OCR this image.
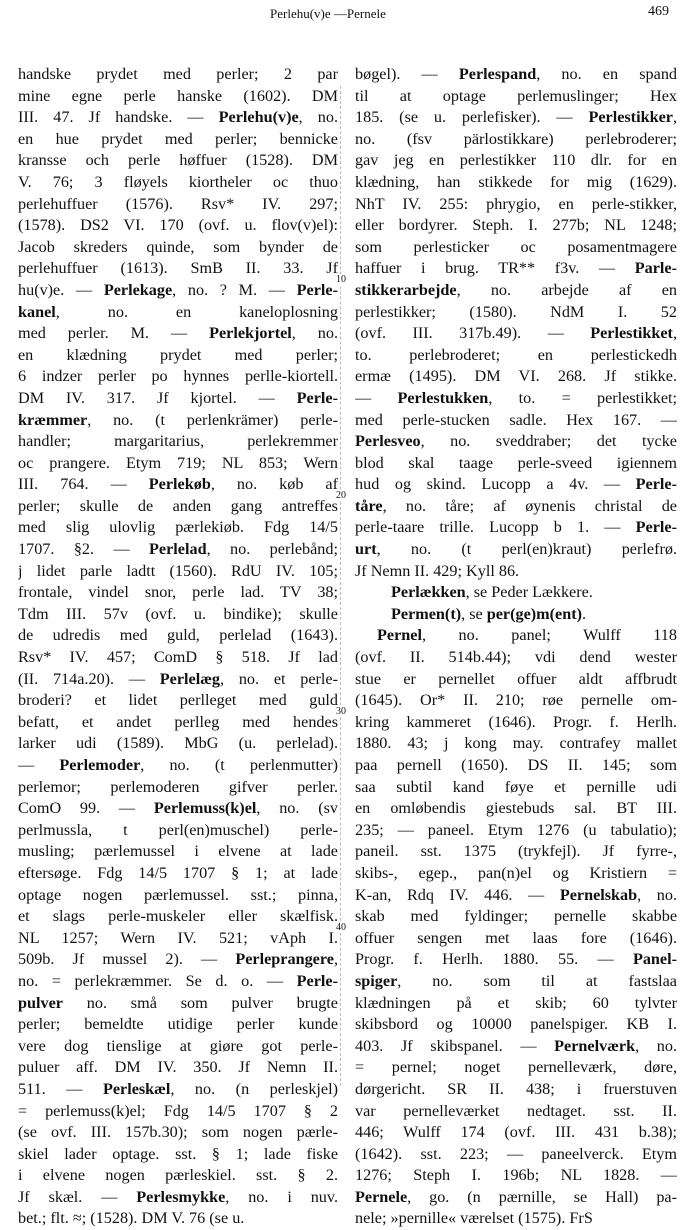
Perlehu(v)e —Pernele	469
10
20
30
40
handske prydet med perler; 2 par
mine egne perle hanske (1602). DM
III. 47. Jf handske. — Perlehu(v)e, no.
en hue prydet med perler; bennicke
kransse och perle høffuer (1528). DM
V. 76; 3 fløyels kiortheler oc thuo
perlehuffuer (1576). Rsv* IV. 297;
(1578). DS2 VI. 170 (ovf. u. flov(v)el):
Jacob skreders quinde, som bynder de
perlehuffuer (1613). SmB II. 33. Jf
hu(v)e. — Perlekage, no. ? M. — Perle-
kanel, no. en kaneloplosning
med perler. M. — Perlekjortel, no.
en klædning prydet med perler;
6 indzer perler po hynnes perlle-kiortell.
DM IV. 317. Jf kjortel. — Perle-
kræmmer, no. (t perlenkrämer) perle-
handler; margaritarius, perlekremmer
oc prangere. Etym 719; NL 853; Wern
III. 764. — Perlekøb, no. køb af
perler; skulle de anden gang antreffes
med slig ulovlig pærlekiøb. Fdg 14/5
1707. §2. — Perlelad, no. perlebånd;
j lidet parle ladtt (1560). RdU IV. 105;
frontale, vindel snor, perle lad. TV 38;
Tdm III. 57v (ovf. u. bindike); skulle
de udredis med guld, perlelad (1643).
Rsv* IV. 457; ComD § 518. Jf lad
(II. 714a.20). — Perlelæg, no. et perle-
broderi? et lidet perlleget med guld
befatt, et andet perlleg med hendes
larker udi (1589). MbG (u. perlelad).
— Perlemoder, no. (t perlenmutter)
perlemor; perlemoderen gifver perler.
ComO 99. — Perlemuss(k)el, no. (sv
perlmussla, t perl(en)muschel) perle-
musling; pærlemussel i elvene at lade
eftersøge. Fdg 14/5 1707 § 1; at lade
optage nogen pærlemussel. sst.; pinna,
et slags perle-muskeler eller skælfisk.
NL 1257; Wern IV. 521; vAph I.
509b. Jf mussel 2). — Perleprangere,
no. = perlekræmmer. Se d. o. — Perle-
pulver no. små som pulver brugte
perler; bemeldte utidige perler kunde
vere dog tienslige at giøre got perle-
puluer aff. DM IV. 350. Jf Nemn II.
511. — Perleskæl, no. (n perleskjel)
= perlemuss(k)el; Fdg 14/5 1707 § 2
(se ovf. III. 157b.30); som nogen pærle-
skiel lader optage. sst. § 1; lade fiske
i elvene nogen pærleskiel. sst. § 2.
Jf skæl. — Perlesmykke, no. i nuv.
bet.; flt. ≈; (1528). DM V. 76 (se u.
bøgel). — Perlespand, no. en spand
til at optage perlemuslinger; Hex
185. (se u. perlefisker). — Perlestikker,
no. (fsv pärlostikkare) perlebroderer;
gav jeg en perlestikker 110 dlr. for en
klædning, han stikkede for mig (1629).
NhT IV. 255: phrygio, en perle-stikker,
eller bordyrer. Steph. I. 277b; NL 1248;
som perlesticker oc posamentmagere
haffuer i brug. TR** f3v. — Parle-
stikkerarbejde, no. arbejde af en
perlestikker; (1580). NdM I. 52
(ovf. III. 317b.49). — Perlestikket,
to. perlebroderet; en perlestickedh
ermæ (1495). DM VI. 268. Jf stikke.
— Perlestukken, to. = perlestikket;
med perle-stucken sadle. Hex 167. —
Perlesveo, no. sveddraber; det tycke
blod skal taage perle-sveed igiennem
hud og skind. Lucopp a 4v. — Perle-
tåre, no. tåre; af øynenis christal de
perle-taare trille. Lucopp b 1. — Perle-
urt, no. (t perl(en)kraut) perlefrø.
Jf Nemn II. 429; Kyll 86.
Perlækken, se Peder Lækkere.
Permen(t), se per(ge)m(ent).
Pernel, no. panel; Wulff 118
(ovf. II. 514b.44); vdi dend wester
stue er pernellet offuer aldt affbrudt
(1645). Or* II. 210; røe pernelle om-
kring kammeret (1646). Progr. f. Herlh.
1880. 43; j kong may. contrafey mallet
paa pernell (1650). DS II. 145; som
saa subtil kand føye et pernille udi
en omløbendis giestebuds sal. BT III.
235; — paneel. Etym 1276 (u tabulatio);
paneil. sst. 1375 (trykfejl). Jf fyrre-,
skibs-, egep., pan(n)el og Kristiern =
K-an, Rdq IV. 446. — Pernelskab, no.
skab med fyldinger; pernelle skabbe
offuer sengen met laas fore (1646).
Progr. f. Herlh. 1880. 55. — Panel-
spiger, no. som til at fastslaa
klædningen på et skib; 60 tylvter
skibsbord og 10000 panelspiger. KB I.
403. Jf skibspanel. — Pernelværk, no.
= pernel; noget pernelleværk, døre,
dørgericht. SR II. 438; i fruerstuven
var pernelleværket nedtaget. sst. II.
446; Wulff 174 (ovf. III. 431 b.38);
(1642). sst. 223; — paneelverck. Etym
1276; Steph I. 196b; NL 1828. —
Pernele, go. (n pærnille, se Hall) pa-
nele; »pernille« værelset (1575). FrS
